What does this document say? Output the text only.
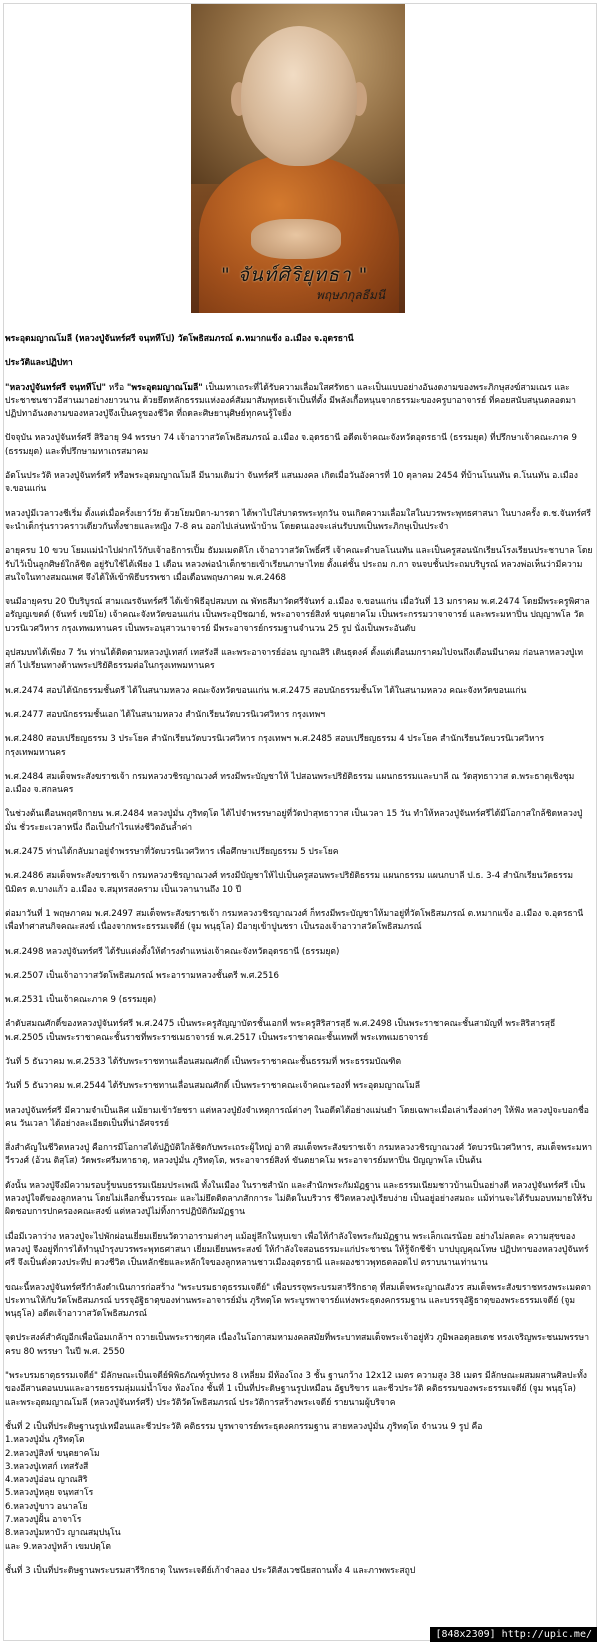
" จันท์ศิริยุทธา "
พฤษภกุลธีมนี

พระอุดมญาณโมลี (หลวงปู่จันทร์ศรี จนฺททีโป) วัดโพธิสมภรณ์ ต.หมากแข้ง อ.เมือง จ.อุดรธานี

ประวัติและปฏิปทา

"หลวงปู่จันทร์ศรี จนฺททีโป" หรือ "พระอุดมญาณโมลี" เป็นมหาเถระที่ได้รับความเลื่อมใสศรัทธา และเป็นแบบอย่างอันงดงามของพระภิกษุสงฆ์สามเณร และประชาชนชาวอีสานมาอย่างยาวนาน ด้วยยึดหลักธรรมแห่งองค์สัมมาสัมพุทธเจ้าเป็นที่ตั้ง มีพลังเกื้อหนุนจากธรรมะของครูบาอาจารย์ ที่คอยสนับสนุนตลอดมา ปฏิปทาอันงดงามของหลวงปู่จึงเป็นครูของชีวิต ที่ถดละศิษยานุศิษย์ทุกคนรู้ใจยิ่ง

ปัจจุบัน หลวงปู่จันทร์ศรี สิริอายุ 94 พรรษา 74 เจ้าอาวาสวัดโพธิสมภรณ์ อ.เมือง จ.อุดรธานี อดีตเจ้าคณะจังหวัดอุดรธานี (ธรรมยุต) ที่ปรึกษาเจ้าคณะภาค 9 (ธรรมยุต) และที่ปรึกษามหาเถรสมาคม

อัตโนประวัติ หลวงปู่จันทร์ศรี หรือพระอุดมญาณโมลี มีนามเดิมว่า จันทร์ศรี แสนมงคล เกิดเมื่อวันอังคารที่ 10 ตุลาคม 2454 ที่บ้านโนนทัน ต.โนนทัน อ.เมือง จ.ขอนแก่น

หลวงปู่มีเวลาวงชีเริ่ม ตั้งแต่เมื่อครั้งเยาว์วัย ด้วยโยมบิดา-มารดา ได้พาไปใส่บาตรพระทุกวัน จนเกิดความเลื่อมใสในบวรพระพุทธศาสนา ในบางครั้ง ด.ช.จันทร์ศรี จะนำเด็กรุ่นราวคราวเดียวกันทั้งชายและหญิง 7-8 คน ออกไปเล่นหน้าบ้าน โดยตนเองจะเล่นรับบทเป็นพระภิกษุเป็นประจำ

อายุครบ 10 ขวบ โยมแม่นำไปฝากไว้กับเจ้าอธิการเปิ้ม ธัมมเมตติโก เจ้าอาวาสวัดโพธิ์ศรี เจ้าคณะตำบลโนนทัน และเป็นครูสอนนักเรียนโรงเรียนประชาบาล โดยรับไว้เป็นลูกศิษย์ใกล้ชิด อยู่รับใช้ได้เพียง 1 เดือน หลวงพ่อนำเด็กชายเข้าเรียนภาษาไทย ตั้งแต่ชั้น ประถม ก.กา จนจบชั้นประถมบริบูรณ์ หลวงพ่อเห็นว่ามีความสนใจในทางสมณเพศ จึงได้ให้เข้าพิธีบรรพชา เมื่อเดือนพฤษภาคม พ.ศ.2468

จนมีอายุครบ 20 ปีบริบูรณ์ สามเณรจันทร์ศรี ได้เข้าพิธีอุปสมบท ณ พัทธสีมาวัดศรีจันทร์ อ.เมือง จ.ขอนแก่น เมื่อวันที่ 13 มกราคม พ.ศ.2474 โดยมีพระครูพิศาลอรัญญเขตต์ (จันทร์ เขมิโย) เจ้าคณะจังหวัดขอนแก่น เป็นพระอุปัชฌาย์, พระอาจารย์สิงห์ ขนฺตยาคโม เป็นพระกรรมวาจาจารย์ และพระมหาปิ่น ปญฺญาพโล วัดบวรนิเวศวิหาร กรุงเทพมหานคร เป็นพระอนุสาวนาจารย์ มีพระอาจารย์กรรมฐานจำนวน 25 รูป นั่งเป็นพระอันดับ

อุปสมบทได้เพียง 7 วัน ท่านได้ติดตามหลวงปู่เทสก์ เทสรังสี และพระอาจารย์อ่อน ญาณสิริ เดินธุดงค์ ตั้งแต่เดือนมกราคมไปจนถึงเดือนมีนาคม ก่อนลาหลวงปู่เทสก์ ไปเรียนทางด้านพระปริยัติธรรมต่อในกรุงเทพมหานคร

พ.ศ.2474 สอบได้นักธรรมชั้นตรี ได้ในสนามหลวง คณะจังหวัดขอนแก่น พ.ศ.2475 สอบนักธรรมชั้นโท ได้ในสนามหลวง คณะจังหวัดขอนแก่น

พ.ศ.2477 สอบนักธรรมชั้นเอก ได้ในสนามหลวง สำนักเรียนวัดบวรนิเวศวิหาร กรุงเทพฯ

พ.ศ.2480 สอบเปรียญธรรม 3 ประโยค สำนักเรียนวัดบวรนิเวศวิหาร กรุงเทพฯ พ.ศ.2485 สอบเปรียญธรรม 4 ประโยค สำนักเรียนวัดบวรนิเวศวิหาร กรุงเทพมหานคร

พ.ศ.2484 สมเด็จพระสังฆราชเจ้า กรมหลวงวชิรญาณวงศ์ ทรงมีพระบัญชาให้ ไปสอนพระปริยัติธรรม แผนกธรรมและบาลี ณ วัดสุทธาวาส ต.พระธาตุเชิงชุม อ.เมือง จ.สกลนคร

ในช่วงต้นเดือนพฤศจิกายน พ.ศ.2484 หลวงปู่มั่น ภูริทตฺโต ได้ไปจำพรรษาอยู่ที่วัดป่าสุทธาวาส เป็นเวลา 15 วัน ทำให้หลวงปู่จันทร์ศรีได้มีโอกาสใกล้ชิดหลวงปู่มั่น ชั่วระยะเวลาหนึ่ง ถือเป็นกำไรแห่งชีวิตอันล้ำค่า

พ.ศ.2475 ท่านได้กลับมาอยู่จำพรรษาที่วัดบวรนิเวศวิหาร เพื่อศึกษาเปรียญธรรม 5 ประโยค

พ.ศ.2486 สมเด็จพระสังฆราชเจ้า กรมหลวงวชิรญาณวงศ์ ทรงมีบัญชาให้ไปเป็นครูสอนพระปริยัติธรรม แผนกธรรม แผนกบาลี ป.ธ. 3-4 สำนักเรียนวัดธรรมนิมิตร ต.บางแก้ว อ.เมือง จ.สมุทรสงคราม เป็นเวลานานถึง 10 ปี

ต่อมาวันที่ 1 พฤษภาคม พ.ศ.2497 สมเด็จพระสังฆราชเจ้า กรมหลวงวชิรญาณวงศ์ ก็ทรงมีพระบัญชาให้มาอยู่ที่วัดโพธิสมภรณ์ ต.หมากแข้ง อ.เมือง จ.อุดรธานี เพื่อทำศาสนกิจคณะสงฆ์ เนื่องจากพระธรรมเจดีย์ (จูม พนฺธุโล) มีอายุเข้าปูนชรา เป็นรองเจ้าอาวาสวัดโพธิสมภรณ์

พ.ศ.2498 หลวงปู่จันทร์ศรี ได้รับแต่งตั้งให้ดำรงตำแหน่งเจ้าคณะจังหวัดอุดรธานี (ธรรมยุต)

พ.ศ.2507 เป็นเจ้าอาวาสวัดโพธิสมภรณ์ พระอารามหลวงชั้นตรี พ.ศ.2516

พ.ศ.2531 เป็นเจ้าคณะภาค 9 (ธรรมยุต)

ลำดับสมณศักดิ์ของหลวงปู่จันทร์ศรี พ.ศ.2475 เป็นพระครูสัญญาบัตรชั้นเอกที่ พระครูสิริสารสุธี พ.ศ.2498 เป็นพระราชาคณะชั้นสามัญที่ พระสิริสารสุธี พ.ศ.2505 เป็นพระราชาคณะชั้นราชที่พระราชเมธาจารย์ พ.ศ.2517 เป็นพระราชาคณะชั้นเทพที่ พระเทพเมธาจารย์

วันที่ 5 ธันวาคม พ.ศ.2533 ได้รับพระราชทานเลื่อนสมณศักดิ์ เป็นพระราชาคณะชั้นธรรมที่ พระธรรมบัณฑิต

วันที่ 5 ธันวาคม พ.ศ.2544 ได้รับพระราชทานเลื่อนสมณศักดิ์ เป็นพระราชาคณะเจ้าคณะรองที่ พระอุดมญาณโมลี

หลวงปู่จันทร์ศรี มีความจำเป็นเลิศ แม้ยามเข้าวัยชรา แต่หลวงปู่ยังจำเหตุการณ์ต่างๆ ในอดีตได้อย่างแม่นยำ โดยเฉพาะเมื่อเล่าเรื่องต่างๆ ให้ฟัง หลวงปู่จะบอกชื่อคน วันเวลา ได้อย่างละเอียดเป็นที่น่าอัศจรรย์

สิ่งสำคัญในชีวิตหลวงปู่ คือการมีโอกาสได้ปฏิบัติใกล้ชิดกับพระเถระผู้ใหญ่ อาทิ สมเด็จพระสังฆราชเจ้า กรมหลวงวชิรญาณวงศ์ วัดบวรนิเวศวิหาร, สมเด็จพระมหาวีรวงศ์ (อ้วน ติสฺโส) วัดพระศรีมหาธาตุ, หลวงปู่มั่น ภูริทตฺโต, พระอาจารย์สิงห์ ขันตยาคโม พระอาจารย์มหาปิ่น ปัญญาพโล เป็นต้น

ดังนั้น หลวงปู่จึงมีความรอบรู้ขนบธรรมเนียมประเพณี ทั้งในเมือง ในราชสำนัก และสำนักพระกัมมัฏฐาน และธรรมเนียมชาวบ้านเป็นอย่างดี หลวงปู่จันทร์ศรี เป็นหลวงปู่ใจดีของลูกหลาน โดยไม่เลือกชั้นวรรณะ และไม่ยึดติดลาภสักการะ ไม่ติดในบริวาร ชีวิตหลวงปู่เรียบง่าย เป็นอยู่อย่างสมถะ แม้ท่านจะได้รับมอบหมายให้รับผิดชอบการปกครองคณะสงฆ์ แต่หลวงปู่ไม่ทิ้งการปฏิบัติกัมมัฏฐาน

เมื่อมีเวลาว่าง หลวงปู่จะไปพักผ่อนเยี่ยมเยียนวัดวาอารามต่างๆ แม้อยู่ลึกในหุบเขา เพื่อให้กำลังใจพระกัมมัฏฐาน พระเล็กเณรน้อย อย่างไม่ลดละ ความสุขของหลวงปู่ จึงอยู่ที่การได้ทำนุบำรุงบวรพระพุทธศาสนา เยี่ยมเยียนพระสงฆ์ ให้กำลังใจสอนธรรมะแก่ประชาชน ให้รู้จักชีช้า บาปบุญคุณโทษ ปฏิปทาของหลวงปู่จันทร์ศรี จึงเป็นดั่งดวงประทีป ดวงชีวิต เป็นหลักชัยและหลักใจของลูกหลานชาวเมืองอุดรธานี และผองชาวพุทธตลอดไป ตราบนานเท่านาน

ขณะนี้หลวงปู่จันทร์ศรีกำลังดำเนินการก่อสร้าง "พระบรมธาตุธรรมเจดีย์" เพื่อบรรจุพระบรมสารีริกธาตุ ที่สมเด็จพระญาณสังวร สมเด็จพระสังฆราชทรงพระเมตตาประทานให้กับวัดโพธิสมภรณ์ บรรจุอัฐิธาตุของท่านพระอาจารย์มั่น ภูริทตฺโต พระบูรพาจารย์แห่งพระธุดงคกรรมฐาน และบรรจุอัฐิธาตุของพระธรรมเจดีย์ (จูม พนฺธุโล) อดีตเจ้าอาวาสวัดโพธิสมภรณ์

จุดประสงค์สำคัญอีกเพื่อน้อมเกล้าฯ ถวายเป็นพระราชกุศล เนื่องในโอกาสมหามงคลสมัยที่พระบาทสมเด็จพระเจ้าอยู่หัว ภูมิพลอดุลยเดช ทรงเจริญพระชนมพรรษาครบ 80 พรรษา ในปี พ.ศ. 2550

"พระบรมธาตุธรรมเจดีย์" มีลักษณะเป็นเจดีย์พิพิธภัณฑ์รูปทรง 8 เหลี่ยม มีห้องโถง 3 ชั้น ฐานกว้าง 12x12 เมตร ความสูง 38 เมตร มีลักษณะผสมผสานศิลปะทั้งของอีสานตอนบนและอารยธรรมลุ่มแม่น้ำโขง ห้องโถง ชั้นที่ 1 เป็นที่ประดิษฐานรูปเหมือน อัฐบริขาร และชีวประวัติ คติธรรมของพระธรรมเจดีย์ (จูม พนฺธุโล) และพระอุดมญาณโมลี (หลวงปู่จันทร์ศรี) ประวัติวัดโพธิสมภรณ์ ประวัติการสร้างพระเจดีย์ รายนามผู้บริจาค

ชั้นที่ 2 เป็นที่ประดิษฐานรูปเหมือนและชีวประวัติ คติธรรม บูรพาจารย์พระธุดงคกรรมฐาน สายหลวงปู่มั่น ภูริทตฺโต จำนวน 9 รูป คือ
1.หลวงปู่มั่น ภูริทตฺโต
2.หลวงปู่สิงห์ ขนฺตยาคโม
3.หลวงปู่เทสก์ เทสรังสี
4.หลวงปู่อ่อน ญาณสิริ
5.หลวงปู่หลุย จนฺทสาโร
6.หลวงปู่ขาว อนาลโย
7.หลวงปู่ฝั้น อาจาโร
8.หลวงปู่มหาบัว ญาณสมฺปนฺโน
และ 9.หลวงปู่หล้า เขมปตฺโต

ชั้นที่ 3 เป็นที่ประดิษฐานพระบรมสารีริกธาตุ ในพระเจดีย์เก้าจำลอง ประวัติสังเวชนียสถานทั้ง 4 และภาพพระสถูป

[848x2309] http://upic.me/
